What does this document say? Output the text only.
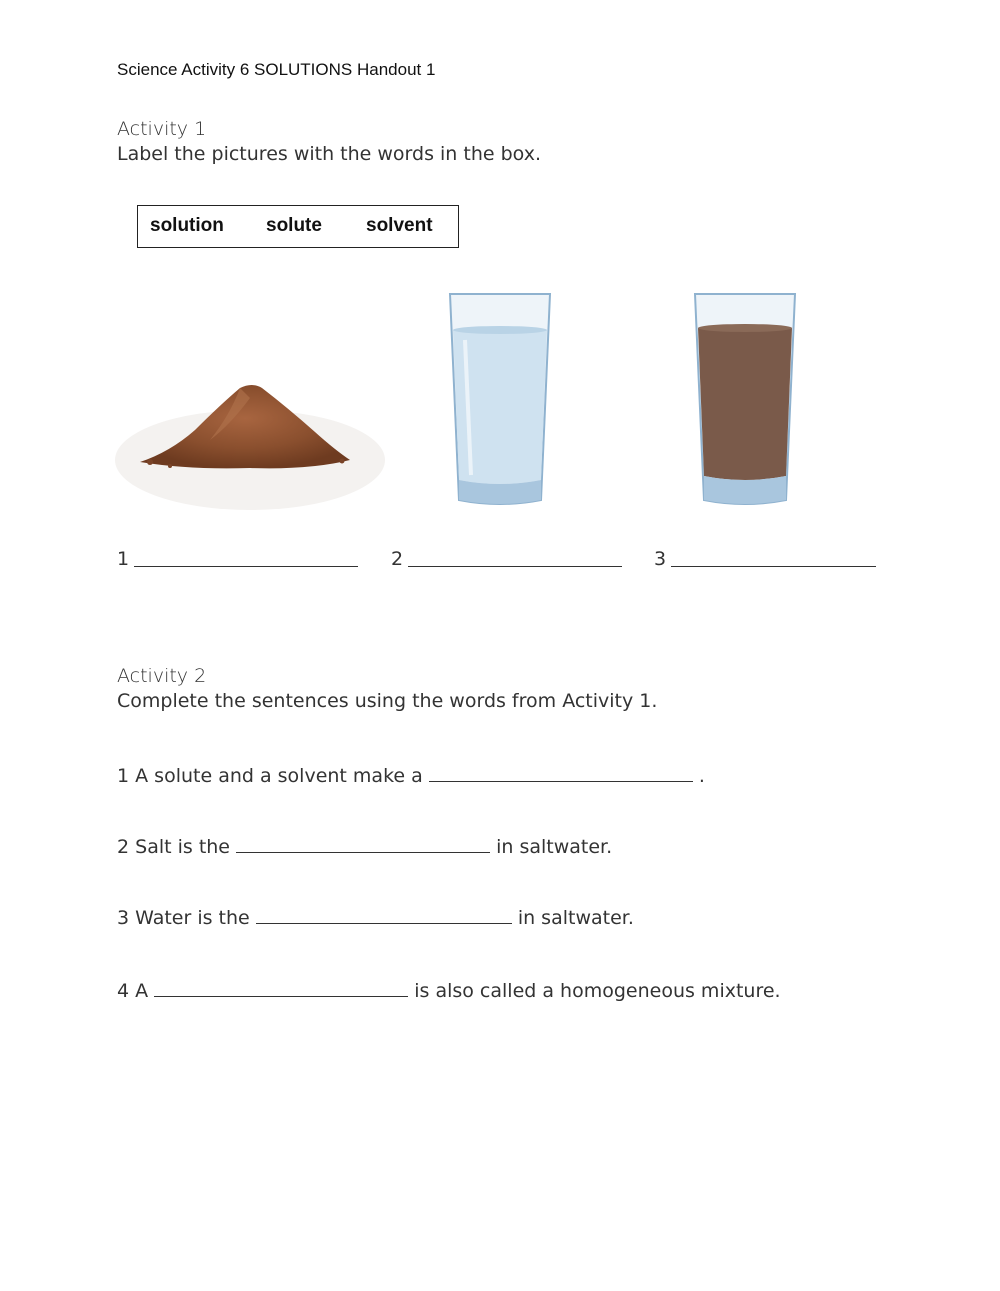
Science Activity 6 SOLUTIONS Handout 1
Activity 1
Label the pictures with the words in the box.
solution solute solvent
1	2	3
Activity 2
Complete the sentences using the words from Activity 1.
1 A solute and a solvent make a	.
2 Salt is the	in saltwater.
3 Water is the	in saltwater.
4 A	is also called a homogeneous mixture.
